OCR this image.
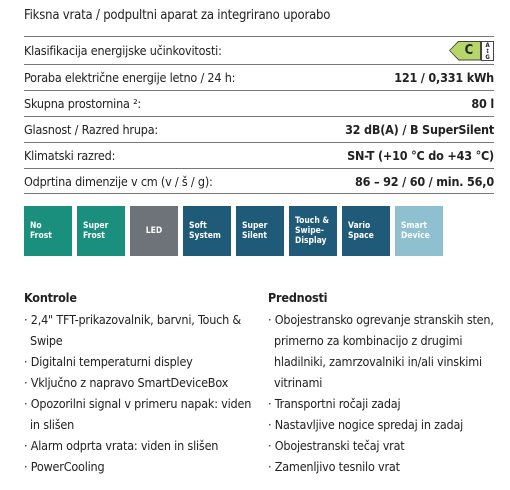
Fiksna vrata / podpultni aparat za integrirano uporabo
Klasifikacija energijske učinkovitosti:	C A
↕
G
Poraba električne energije letno / 24 h:	121 / 0,331 kWh
Skupna prostornina ²:	80 l
Glasnost / Razred hrupa:	32 dB(A) / B SuperSilent
Klimatski razred:	SN-T (+10 °C do +43 °C)
Odprtina dimenzije v cm (v / š / g):	86 – 92 / 60 / min. 56,0
No
Frost
Super
Frost	LED	Soft
System
Super
Silent
Touch &
Swipe-
Display
Vario
Space
Smart
Device
Kontrole
· 2,4" TFT-prikazovalnik, barvni, Touch & Swipe
· Digitalni temperaturni displey
· Vključno z napravo SmartDeviceBox
· Opozorilni signal v primeru napak: viden in slišen
· Alarm odprta vrata: viden in slišen
· PowerCooling
Prednosti
· Obojestransko ogrevanje stranskih sten, primerno za kombinacijo z drugimi hladilniki, zamrzovalniki in/ali vinskimi vitrinami
· Transportni ročaji zadaj
· Nastavljive nogice spredaj in zadaj
· Obojestranski tečaj vrat
· Zamenljivo tesnilo vrat
